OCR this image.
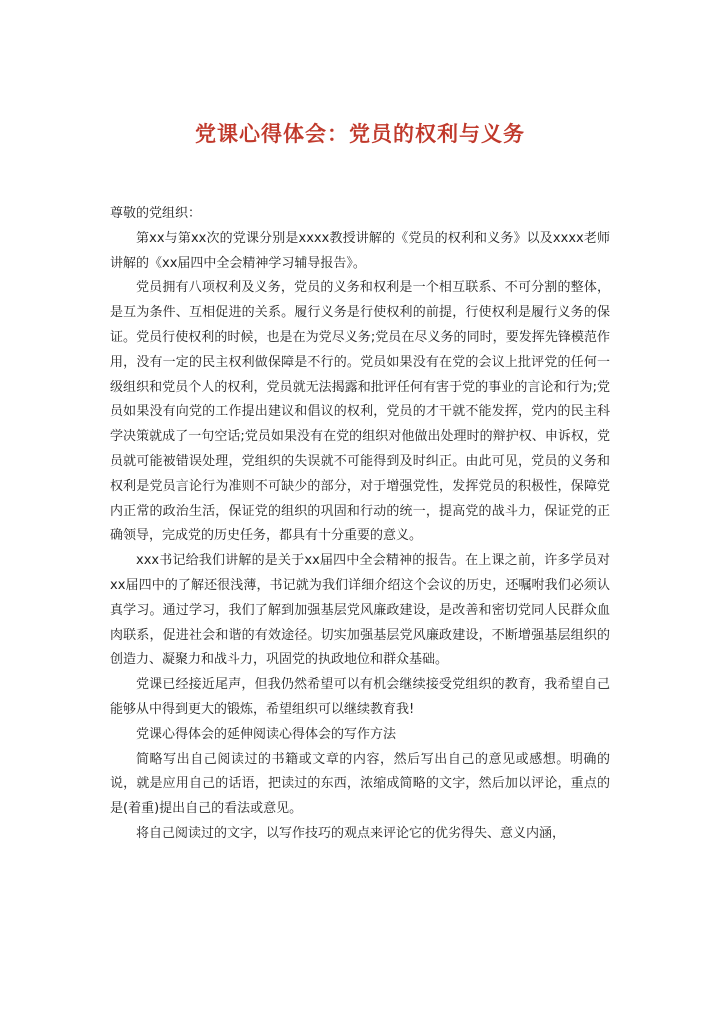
党课心得体会：党员的权利与义务

尊敬的党组织：

第xx与第xx次的党课分别是xxxx教授讲解的《党员的权利和义务》以及xxxx老师讲解的《xx届四中全会精神学习辅导报告》。

党员拥有八项权利及义务，党员的义务和权利是一个相互联系、不可分割的整体，是互为条件、互相促进的关系。履行义务是行使权利的前提，行使权利是履行义务的保证。党员行使权利的时候，也是在为党尽义务;党员在尽义务的同时，要发挥先锋模范作用，没有一定的民主权利做保障是不行的。党员如果没有在党的会议上批评党的任何一级组织和党员个人的权利，党员就无法揭露和批评任何有害于党的事业的言论和行为;党员如果没有向党的工作提出建议和倡议的权利，党员的才干就不能发挥，党内的民主科学决策就成了一句空话;党员如果没有在党的组织对他做出处理时的辩护权、申诉权，党员就可能被错误处理，党组织的失误就不可能得到及时纠正。由此可见，党员的义务和权利是党员言论行为准则不可缺少的部分，对于增强党性，发挥党员的积极性，保障党内正常的政治生活，保证党的组织的巩固和行动的统一，提高党的战斗力，保证党的正确领导，完成党的历史任务，都具有十分重要的意义。

xxx书记给我们讲解的是关于xx届四中全会精神的报告。在上课之前，许多学员对xx届四中的了解还很浅薄，书记就为我们详细介绍这个会议的历史，还嘱咐我们必须认真学习。通过学习，我们了解到加强基层党风廉政建设，是改善和密切党同人民群众血肉联系，促进社会和谐的有效途径。切实加强基层党风廉政建设，不断增强基层组织的创造力、凝聚力和战斗力，巩固党的执政地位和群众基础。

党课已经接近尾声，但我仍然希望可以有机会继续接受党组织的教育，我希望自己能够从中得到更大的锻炼，希望组织可以继续教育我!

党课心得体会的延伸阅读心得体会的写作方法

简略写出自己阅读过的书籍或文章的内容，然后写出自己的意见或感想。明确的说，就是应用自己的话语，把读过的东西，浓缩成简略的文字，然后加以评论，重点的是(着重)提出自己的看法或意见。

将自己阅读过的文字，以写作技巧的观点来评论它的优劣得失、意义内涵，
